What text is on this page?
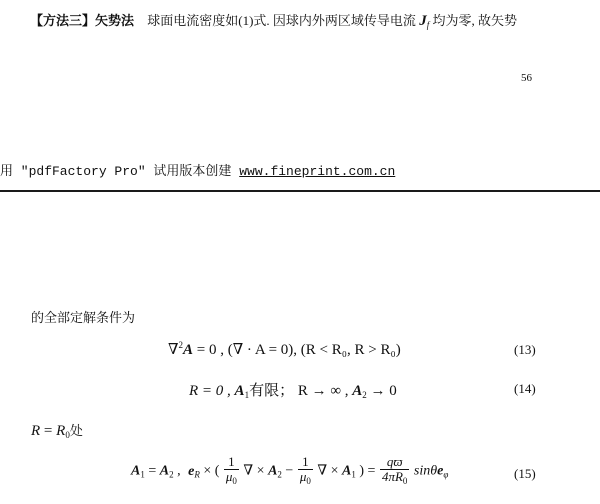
【方法三】矢势法 球面电流密度如(1)式. 因球内外两区域传导电流 $J_f$ 均为零, 故矢势
56
用 "pdfFactory Pro" 试用版本创建 www.fineprint.com.cn
的全部定解条件为
∇$^2$A = 0 , (∇ · A = 0), (R < R₀, R > R₀)	(13)
R = 0 , $A_1$有限； R → ∞ , $A_2 \to 0$	(14)
$R = R_0$处
$A_1 = A_2$ , $e_R$ × ( $\frac{1}{\mu_0}$ ∇ × $A_2 - \frac{1}{\mu_0}$ ∇ × $A_1$ ) = $\frac{qϖ}{4\pi R_0} \sin\theta e_\varphi$	(15)
